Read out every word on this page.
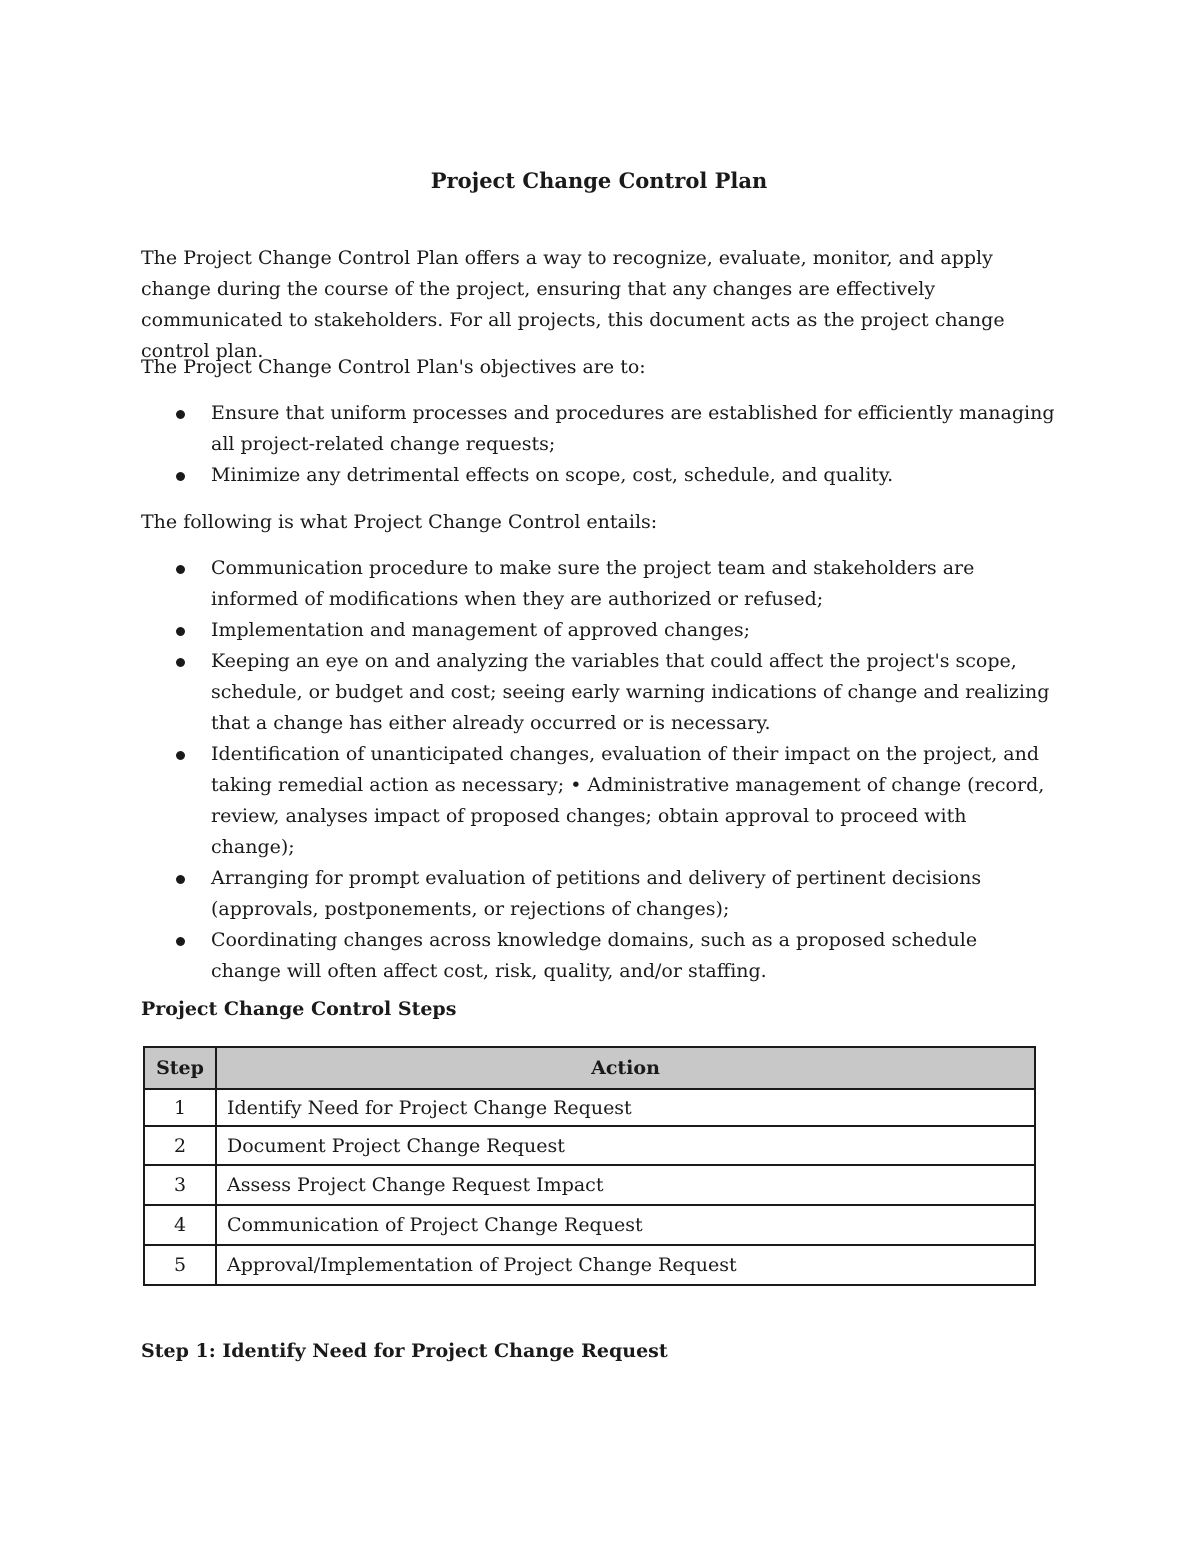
Project Change Control Plan

The Project Change Control Plan offers a way to recognize, evaluate, monitor, and apply change during the course of the project, ensuring that any changes are effectively communicated to stakeholders. For all projects, this document acts as the project change control plan.

The Project Change Control Plan's objectives are to:

Ensure that uniform processes and procedures are established for efficiently managing all project-related change requests;
Minimize any detrimental effects on scope, cost, schedule, and quality.

The following is what Project Change Control entails:

Communication procedure to make sure the project team and stakeholders are informed of modifications when they are authorized or refused;
Implementation and management of approved changes;
Keeping an eye on and analyzing the variables that could affect the project's scope, schedule, or budget and cost; seeing early warning indications of change and realizing that a change has either already occurred or is necessary.
Identification of unanticipated changes, evaluation of their impact on the project, and taking remedial action as necessary; • Administrative management of change (record, review, analyses impact of proposed changes; obtain approval to proceed with change);
Arranging for prompt evaluation of petitions and delivery of pertinent decisions (approvals, postponements, or rejections of changes);
Coordinating changes across knowledge domains, such as a proposed schedule change will often affect cost, risk, quality, and/or staffing.
Project Change Control Steps
Step	Action
1	Identify Need for Project Change Request
2	Document Project Change Request
3	Assess Project Change Request Impact
4	Communication of Project Change Request
5	Approval/Implementation of Project Change Request
Step 1: Identify Need for Project Change Request
